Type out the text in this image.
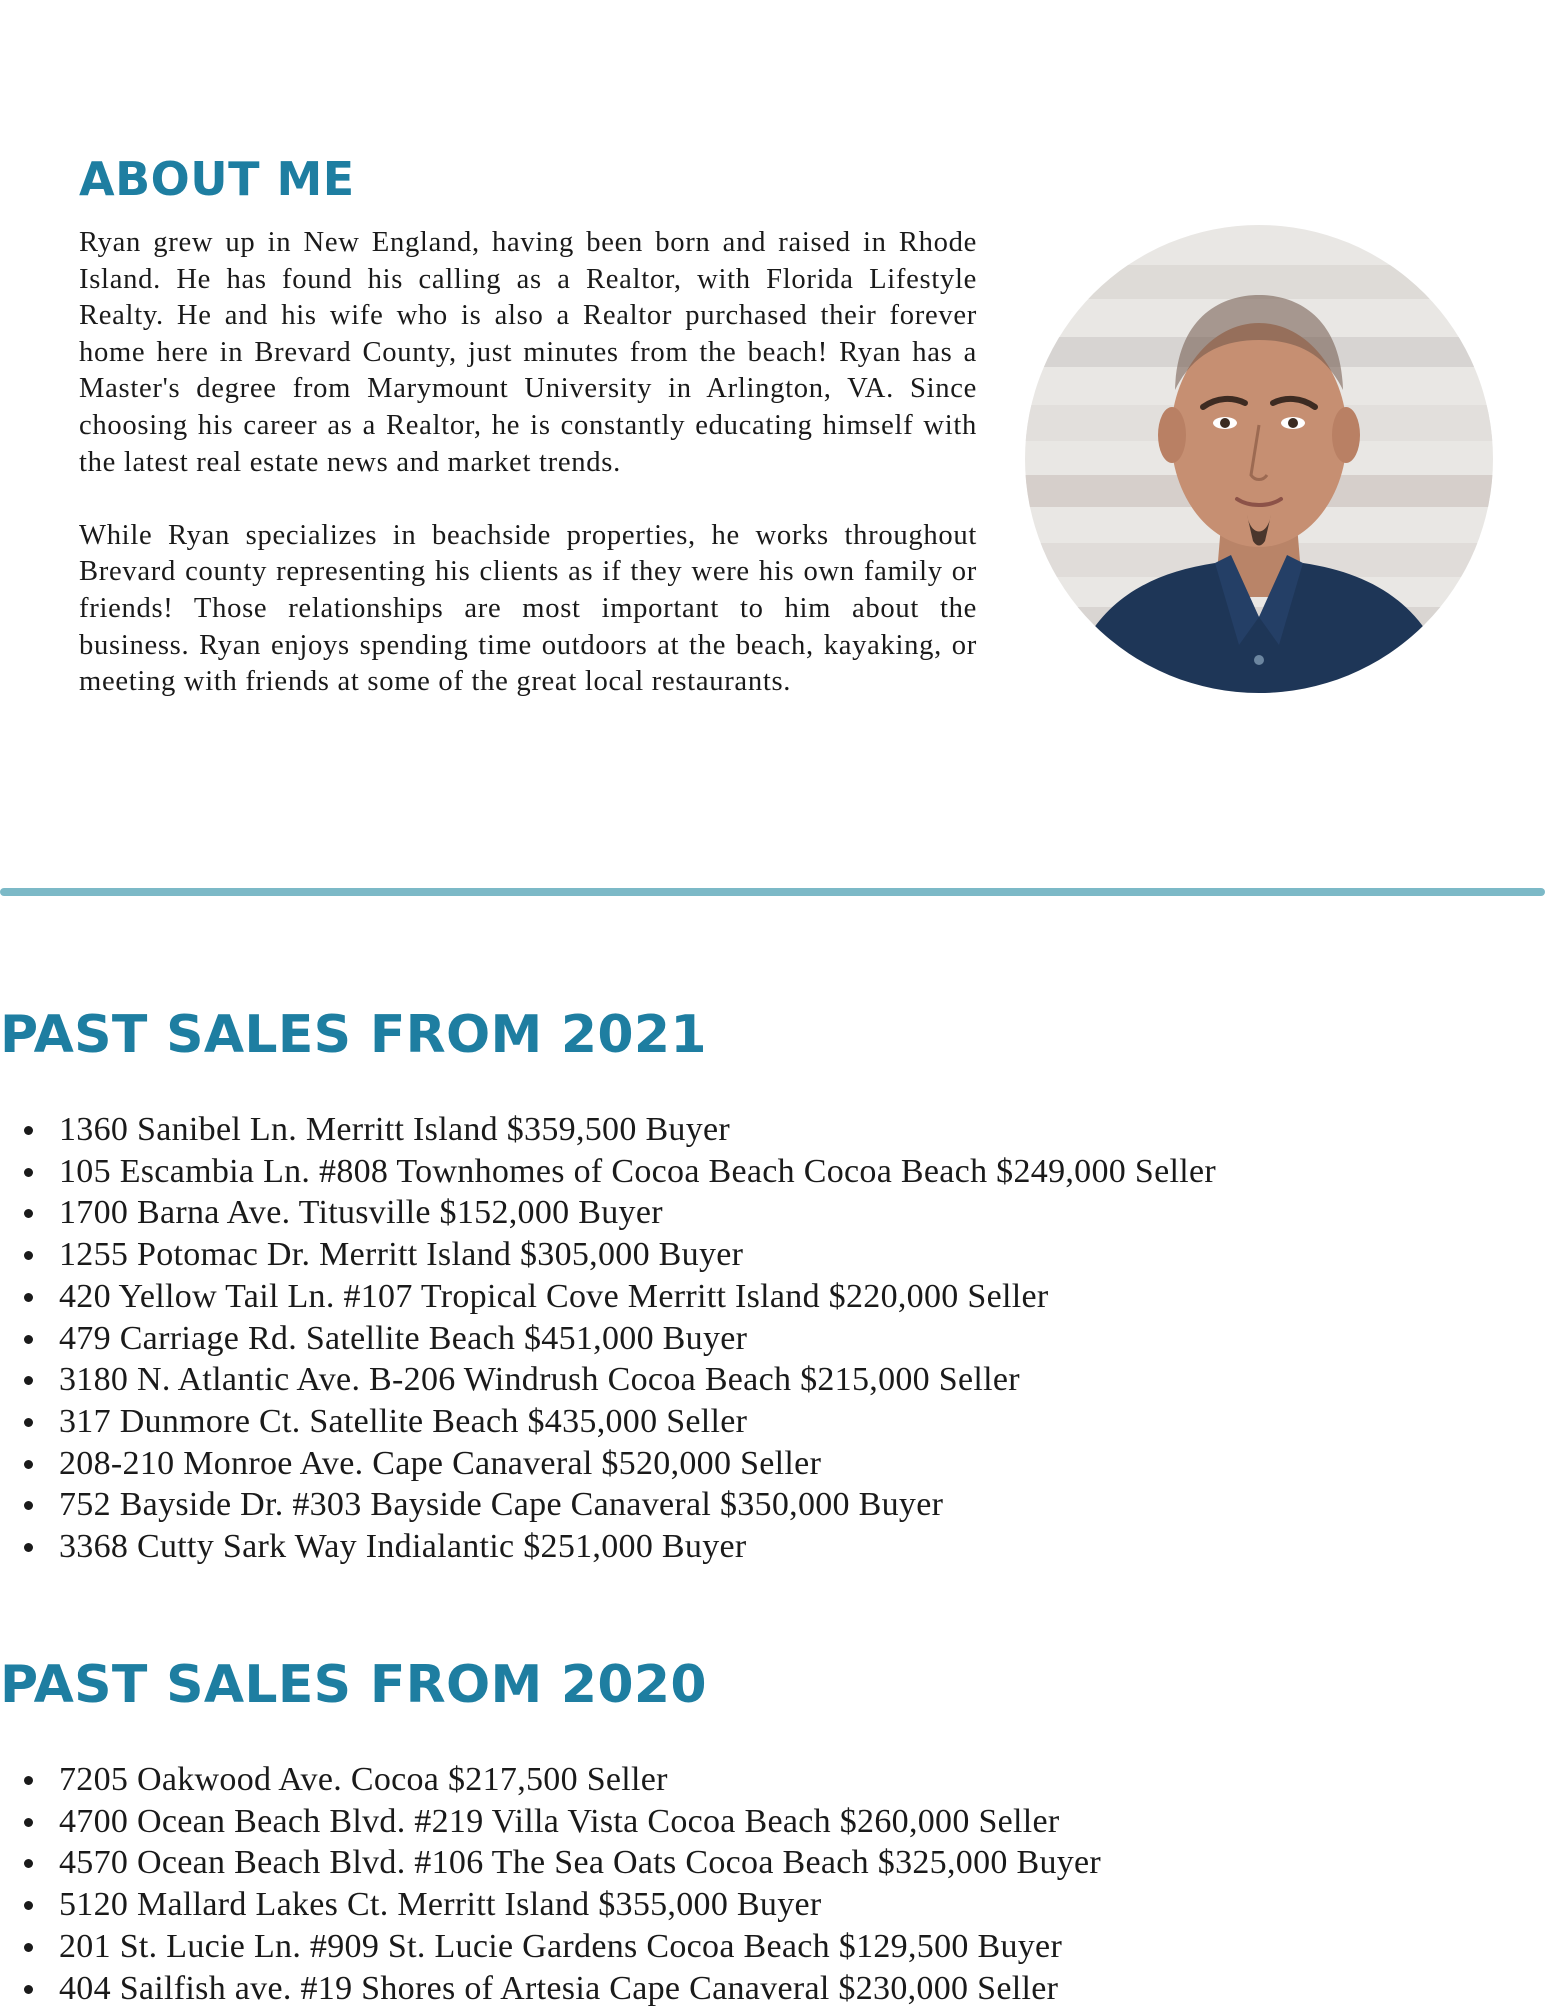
ABOUT ME

Ryan grew up in New England, having been born and raised in Rhode Island. He has found his calling as a Realtor, with Florida Lifestyle Realty. He and his wife who is also a Realtor purchased their forever home here in Brevard County, just minutes from the beach! Ryan has a Master's degree from Marymount University in Arlington, VA. Since choosing his career as a Realtor, he is constantly educating himself with the latest real estate news and market trends.

While Ryan specializes in beachside properties, he works throughout Brevard county representing his clients as if they were his own family or friends! Those relationships are most important to him about the business. Ryan enjoys spending time outdoors at the beach, kayaking, or meeting with friends at some of the great local restaurants.

PAST SALES FROM 2021
1360 Sanibel Ln. Merritt Island $359,500 Buyer
105 Escambia Ln. #808 Townhomes of Cocoa Beach Cocoa Beach $249,000 Seller
1700 Barna Ave. Titusville $152,000 Buyer
1255 Potomac Dr. Merritt Island $305,000 Buyer
420 Yellow Tail Ln. #107 Tropical Cove Merritt Island $220,000 Seller
479 Carriage Rd. Satellite Beach $451,000 Buyer
3180 N. Atlantic Ave. B-206 Windrush Cocoa Beach $215,000 Seller
317 Dunmore Ct. Satellite Beach $435,000 Seller
208-210 Monroe Ave. Cape Canaveral $520,000 Seller
752 Bayside Dr. #303 Bayside Cape Canaveral $350,000 Buyer
3368 Cutty Sark Way Indialantic $251,000 Buyer
PAST SALES FROM 2020
7205 Oakwood Ave. Cocoa $217,500 Seller
4700 Ocean Beach Blvd. #219 Villa Vista Cocoa Beach $260,000 Seller
4570 Ocean Beach Blvd. #106 The Sea Oats Cocoa Beach $325,000 Buyer
5120 Mallard Lakes Ct. Merritt Island $355,000 Buyer
201 St. Lucie Ln. #909 St. Lucie Gardens Cocoa Beach $129,500 Buyer
404 Sailfish ave. #19 Shores of Artesia Cape Canaveral $230,000 Seller
